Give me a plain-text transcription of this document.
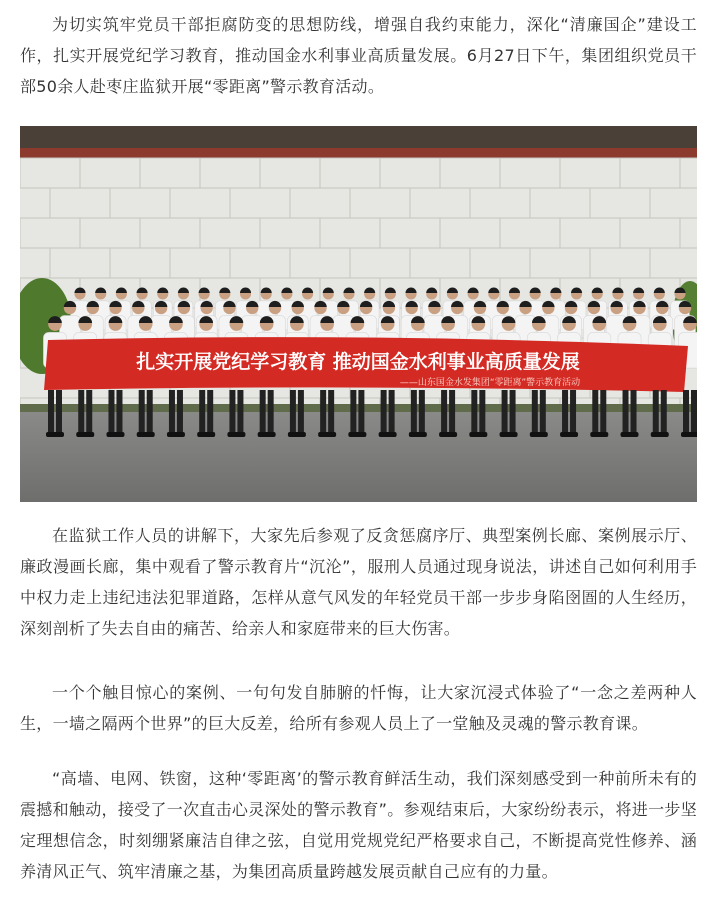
为切实筑牢党员干部拒腐防变的思想防线，增强自我约束能力，深化“清廉国企”建设工作，扎实开展党纪学习教育，推动国金水利事业高质量发展。6月27日下午，集团组织党员干部50余人赴枣庄监狱开展“零距离”警示教育活动。

扎实开展党纪学习教育 推动国金水利事业高质量发展
——山东国金水发集团“零距离”警示教育活动

在监狱工作人员的讲解下，大家先后参观了反贪惩腐序厅、典型案例长廊、案例展示厅、廉政漫画长廊，集中观看了警示教育片“沉沦”，服刑人员通过现身说法，讲述自己如何利用手中权力走上违纪违法犯罪道路，怎样从意气风发的年轻党员干部一步步身陷囹圄的人生经历，深刻剖析了失去自由的痛苦、给亲人和家庭带来的巨大伤害。

一个个触目惊心的案例、一句句发自肺腑的忏悔，让大家沉浸式体验了“一念之差两种人生，一墙之隔两个世界”的巨大反差，给所有参观人员上了一堂触及灵魂的警示教育课。

“高墙、电网、铁窗，这种‘零距离’的警示教育鲜活生动，我们深刻感受到一种前所未有的震撼和触动，接受了一次直击心灵深处的警示教育”。参观结束后，大家纷纷表示，将进一步坚定理想信念，时刻绷紧廉洁自律之弦，自觉用党规党纪严格要求自己，不断提高党性修养、涵养清风正气、筑牢清廉之基，为集团高质量跨越发展贡献自己应有的力量。
